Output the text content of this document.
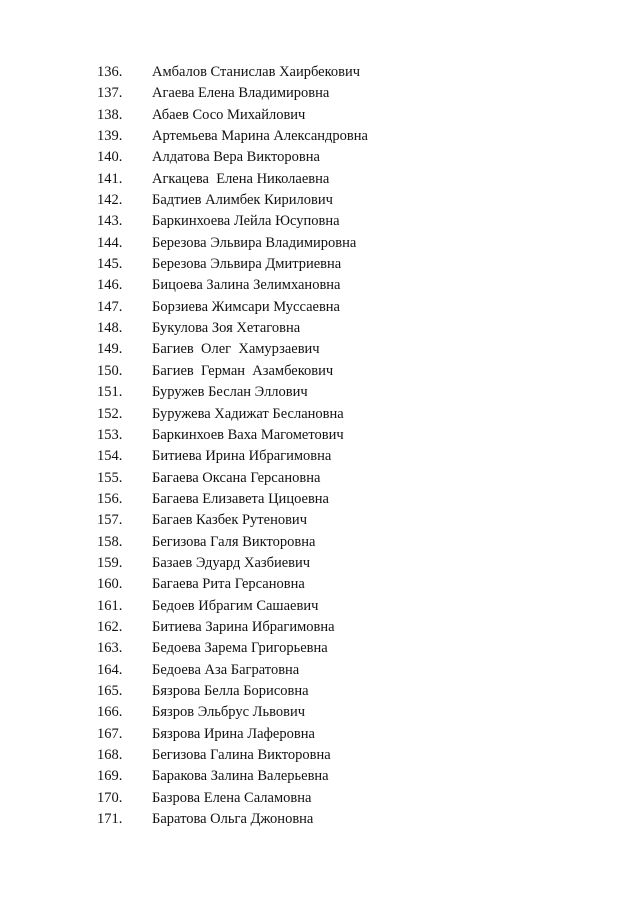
136. Амбалов Станислав Хаирбекович
137. Агаева Елена Владимировна
138. Абаев Сосо Михайлович
139. Артемьева Марина Александровна
140. Алдатова Вера Викторовна
141. Агкацева  Елена Николаевна
142. Бадтиев Алимбек Кирилович
143. Баркинхоева Лейла Юсуповна
144. Березова Эльвира Владимировна
145. Березова Эльвира Дмитриевна
146. Бицоева Залина Зелимхановна
147. Борзиева Жимсари Муссаевна
148. Букулова Зоя Хетаговна
149. Багиев  Олег  Хамурзаевич
150. Багиев  Герман  Азамбекович
151. Буружев Беслан Эллович
152. Буружева Хадижат Беслановна
153. Баркинхоев Ваха Магометович
154. Битиева Ирина Ибрагимовна
155. Багаева Оксана Герсановна
156. Багаева Елизавета Цицоевна
157. Багаев Казбек Рутенович
158. Бегизова Галя Викторовна
159. Базаев Эдуард Хазбиевич
160. Багаева Рита Герсановна
161. Бедоев Ибрагим Сашаевич
162. Битиева Зарина Ибрагимовна
163. Бедоева Зарема Григорьевна
164. Бедоева Аза Багратовна
165. Бязрова Белла Борисовна
166. Бязров Эльбрус Львович
167. Бязрова Ирина Лаферовна
168. Бегизова Галина Викторовна
169. Баракова Залина Валерьевна
170. Базрова Елена Саламовна
171. Баратова Ольга Джоновна
